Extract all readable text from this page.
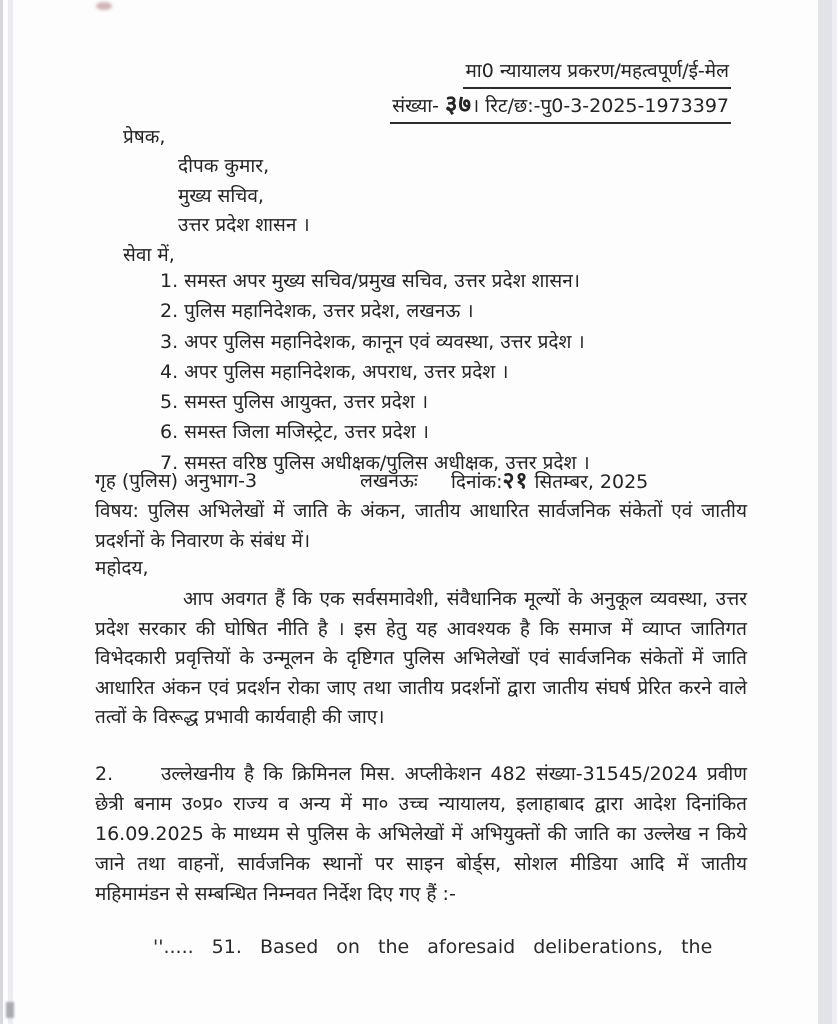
मा0 न्यायालय प्रकरण/महत्वपूर्ण/ई-मेल
संख्या- ३७। रिट/छ:-पु0-3-2025-1973397
प्रेषक,
दीपक कुमार,
मुख्य सचिव,
उत्तर प्रदेश शासन ।
सेवा में,
1. समस्त अपर मुख्य सचिव/प्रमुख सचिव, उत्तर प्रदेश शासन।
2. पुलिस महानिदेशक, उत्तर प्रदेश, लखनऊ ।
3. अपर पुलिस महानिदेशक, कानून एवं व्यवस्था, उत्तर प्रदेश ।
4. अपर पुलिस महानिदेशक, अपराध, उत्तर प्रदेश ।
5. समस्त पुलिस आयुक्त, उत्तर प्रदेश ।
6. समस्त जिला मजिस्ट्रेट, उत्तर प्रदेश ।
7. समस्त वरिष्ठ पुलिस अधीक्षक/पुलिस अधीक्षक, उत्तर प्रदेश ।
गृह (पुलिस) अनुभाग-3	लखनऊः दिनांक:२१ सितम्बर, 2025
विषय: पुलिस अभिलेखों में जाति के अंकन, जातीय आधारित सार्वजनिक संकेतों एवं जातीय प्रदर्शनों के निवारण के संबंध में।
महोदय,
आप अवगत हैं कि एक सर्वसमावेशी, संवैधानिक मूल्यों के अनुकूल व्यवस्था, उत्तर प्रदेश सरकार की घोषित नीति है । इस हेतु यह आवश्यक है कि समाज में व्याप्त जातिगत विभेदकारी प्रवृत्तियों के उन्मूलन के दृष्टिगत पुलिस अभिलेखों एवं सार्वजनिक संकेतों में जाति आधारित अंकन एवं प्रदर्शन रोका जाए तथा जातीय प्रदर्शनों द्वारा जातीय संघर्ष प्रेरित करने वाले तत्वों के विरूद्ध प्रभावी कार्यवाही की जाए।
2.	उल्लेखनीय है कि क्रिमिनल मिस. अप्लीकेशन 482 संख्या-31545/2024 प्रवीण छेत्री बनाम उ०प्र० राज्य व अन्य में मा० उच्च न्यायालय, इलाहाबाद द्वारा आदेश दिनांकित 16.09.2025 के माध्यम से पुलिस के अभिलेखों में अभियुक्तों की जाति का उल्लेख न किये जाने तथा वाहनों, सार्वजनिक स्थानों पर साइन बोर्ड्स, सोशल मीडिया आदि में जातीय महिमामंडन से सम्बन्धित निम्नवत निर्देश दिए गए हैं :-

''..... 51. Based on the aforesaid deliberations, the
